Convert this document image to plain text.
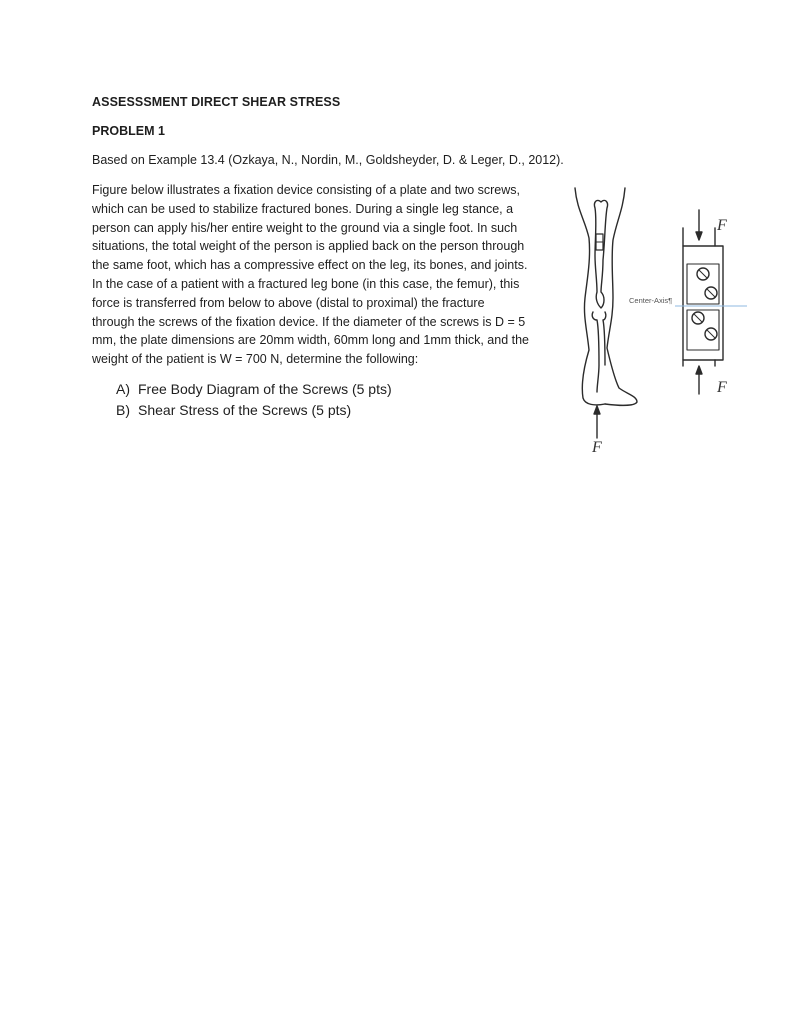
ASSESSSMENT DIRECT SHEAR STRESS
PROBLEM 1
Based on Example 13.4 (Ozkaya, N., Nordin, M., Goldsheyder, D. & Leger, D., 2012).
Figure below illustrates a fixation device consisting of a plate and two screws,
which can be used to stabilize fractured bones. During a single leg stance, a
person can apply his/her entire weight to the ground via a single foot. In such
situations, the total weight of the person is applied back on the person through
the same foot, which has a compressive effect on the leg, its bones, and joints.
In the case of a patient with a fractured leg bone (in this case, the femur), this
force is transferred from below to above (distal to proximal) the fracture
through the screws of the fixation device. If the diameter of the screws is D = 5
mm, the plate dimensions are 20mm width, 60mm long and 1mm thick, and the
weight of the patient is W = 700 N, determine the following:
A) Free Body Diagram of the Screws (5 pts)
B) Shear Stress of the Screws (5 pts)
Center-Axis¶
F
F
F
